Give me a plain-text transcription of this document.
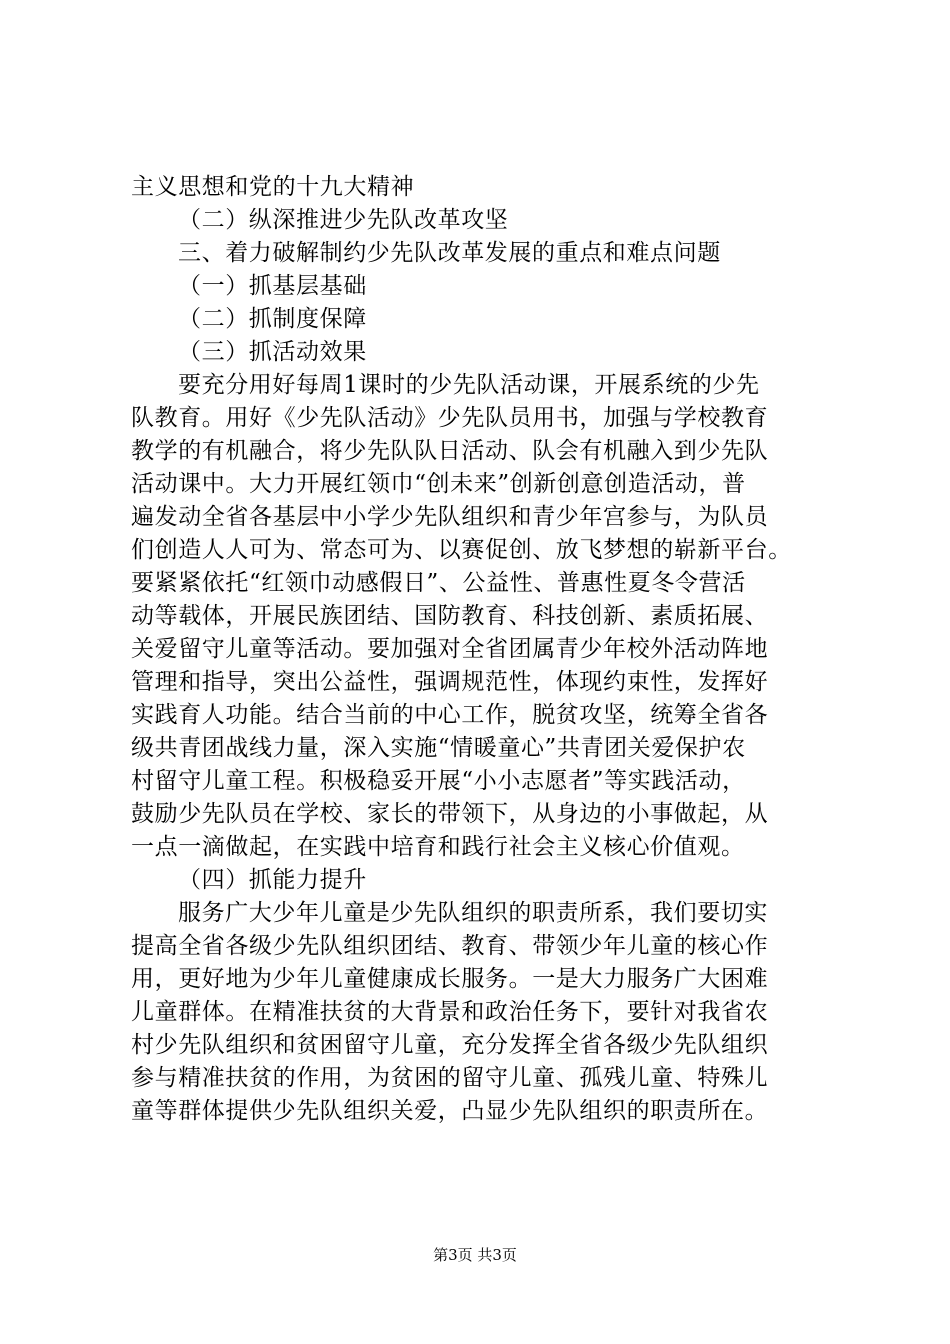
主义思想和党的十九大精神
（二）纵深推进少先队改革攻坚
三、着力破解制约少先队改革发展的重点和难点问题
（一）抓基层基础
（二）抓制度保障
（三）抓活动效果
要充分用好每周1课时的少先队活动课，开展系统的少先
队教育。用好《少先队活动》少先队员用书，加强与学校教育
教学的有机融合，将少先队队日活动、队会有机融入到少先队
活动课中。大力开展红领巾“创未来”创新创意创造活动，普
遍发动全省各基层中小学少先队组织和青少年宫参与，为队员
们创造人人可为、常态可为、以赛促创、放飞梦想的崭新平台。
要紧紧依托“红领巾动感假日”、公益性、普惠性夏冬令营活
动等载体，开展民族团结、国防教育、科技创新、素质拓展、
关爱留守儿童等活动。要加强对全省团属青少年校外活动阵地
管理和指导，突出公益性，强调规范性，体现约束性，发挥好
实践育人功能。结合当前的中心工作，脱贫攻坚，统筹全省各
级共青团战线力量，深入实施“情暖童心”共青团关爱保护农
村留守儿童工程。积极稳妥开展“小小志愿者”等实践活动，
鼓励少先队员在学校、家长的带领下，从身边的小事做起，从
一点一滴做起，在实践中培育和践行社会主义核心价值观。
（四）抓能力提升
服务广大少年儿童是少先队组织的职责所系，我们要切实
提高全省各级少先队组织团结、教育、带领少年儿童的核心作
用，更好地为少年儿童健康成长服务。一是大力服务广大困难
儿童群体。在精准扶贫的大背景和政治任务下，要针对我省农
村少先队组织和贫困留守儿童，充分发挥全省各级少先队组织
参与精准扶贫的作用，为贫困的留守儿童、孤残儿童、特殊儿
童等群体提供少先队组织关爱，凸显少先队组织的职责所在。
第3页 共3页
